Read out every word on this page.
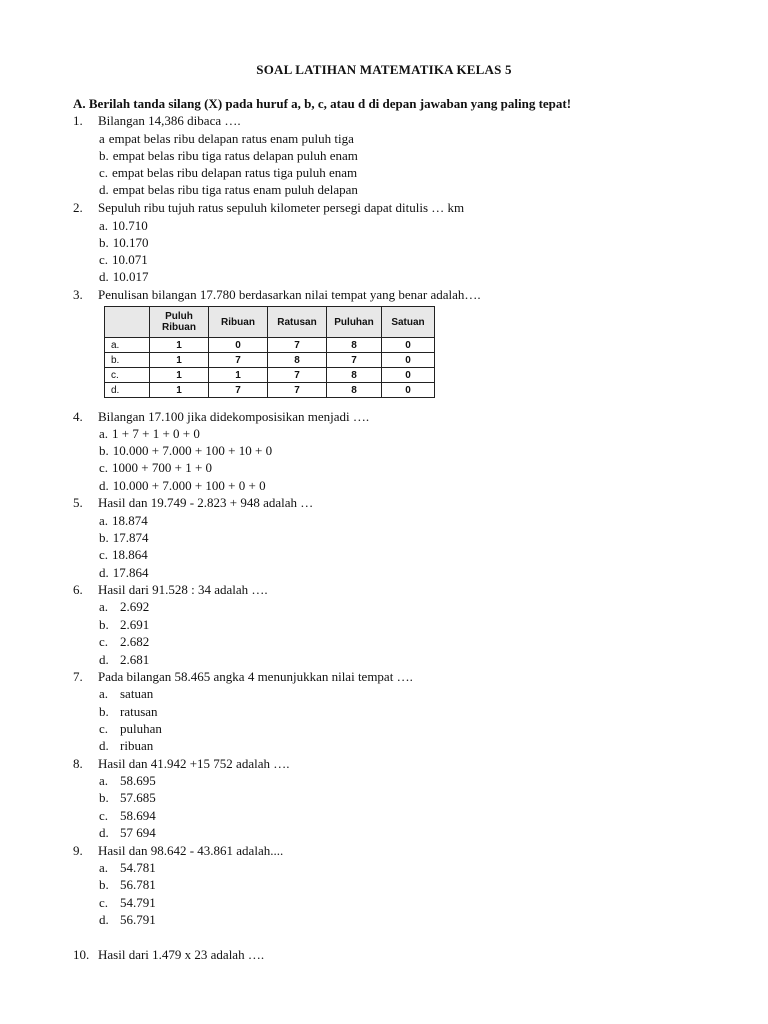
SOAL LATIHAN MATEMATIKA KELAS 5
A. Berilah tanda silang (X) pada huruf a, b, c, atau d di depan jawaban yang paling tepat!
1. Bilangan 14,386 dibaca ….
a empat belas ribu delapan ratus enam puluh tiga
b. empat belas ribu tiga ratus delapan puluh enam
c. empat belas ribu delapan ratus tiga puluh enam
d. empat belas ribu tiga ratus enam puluh delapan
2. Sepuluh ribu tujuh ratus sepuluh kilometer persegi dapat ditulis … km
a. 10.710
b. 10.170
c. 10.071
d. 10.017
3. Penulisan bilangan 17.780 berdasarkan nilai tempat yang benar adalah….
	Puluh Ribuan	Ribuan	Ratusan	Puluhan	Satuan
a.	1	0	7	8	0
b.	1	7	8	7	0
c.	1	1	7	8	0
d.	1	7	7	8	0
4. Bilangan 17.100 jika didekomposisikan menjadi ….
a. 1 + 7 + 1 + 0 + 0
b. 10.000 + 7.000 + 100 + 10 + 0
c. 1000 + 700 + 1 + 0
d. 10.000 + 7.000 + 100 + 0 + 0
5. Hasil dan 19.749 - 2.823 + 948 adalah …
a. 18.874
b. 17.874
c. 18.864
d. 17.864
6. Hasil dari 91.528 : 34 adalah ….
a. 2.692
b. 2.691
c. 2.682
d. 2.681
7. Pada bilangan 58.465 angka 4 menunjukkan nilai tempat ….
a. satuan
b. ratusan
c. puluhan
d. ribuan
8. Hasil dan 41.942 +15 752 adalah ….
a. 58.695
b. 57.685
c. 58.694
d. 57 694
9. Hasil dan 98.642 - 43.861 adalah....
a. 54.781
b. 56.781
c. 54.791
d. 56.791
10. Hasil dari 1.479 x 23 adalah ….
